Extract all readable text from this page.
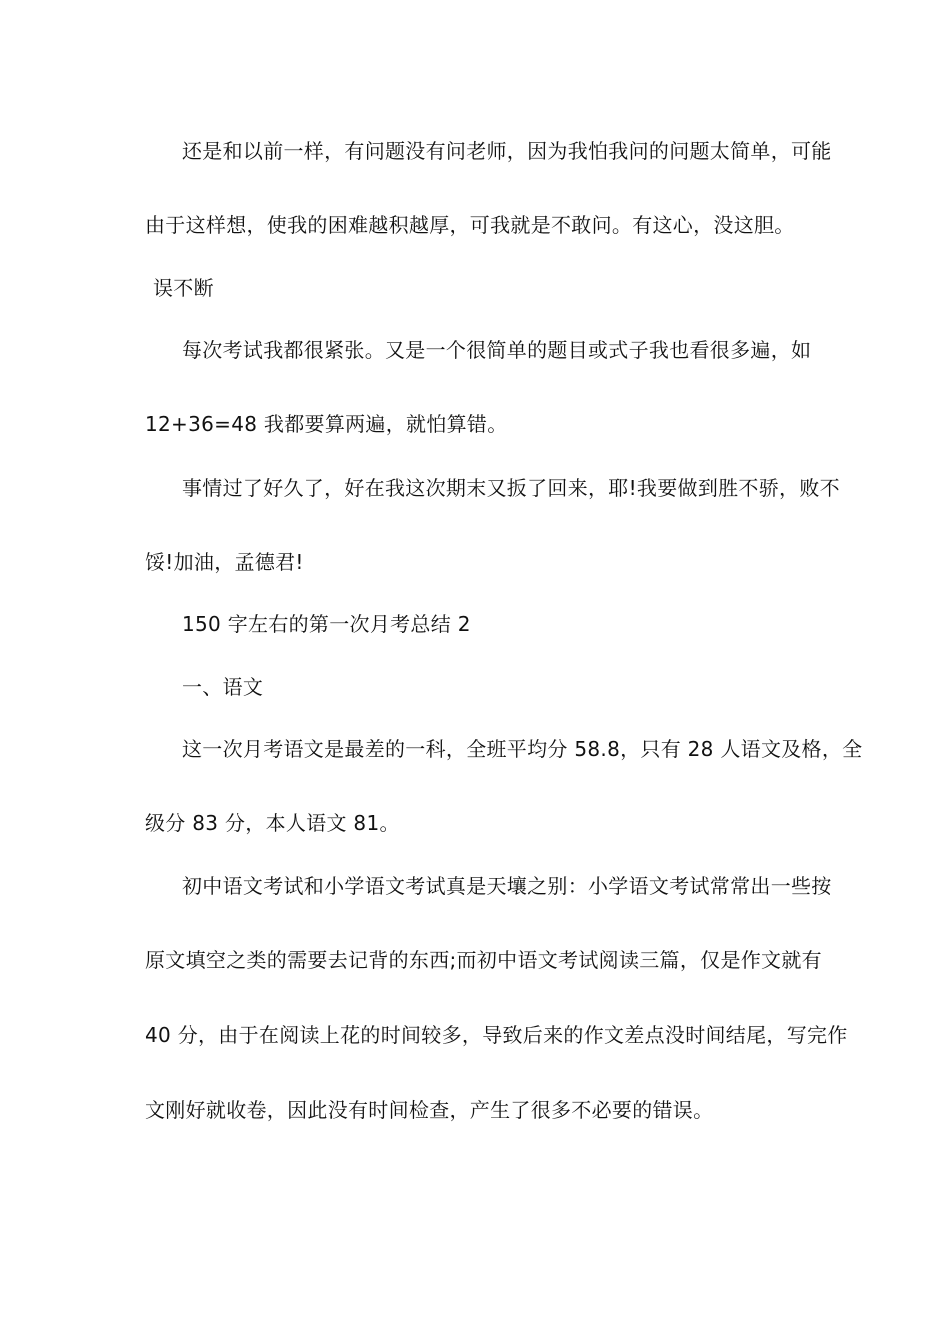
还是和以前一样，有问题没有问老师，因为我怕我问的问题太简单，可能
由于这样想，使我的困难越积越厚，可我就是不敢问。有这心，没这胆。
误不断
每次考试我都很紧张。又是一个很简单的题目或式子我也看很多遍，如
12+36=48 我都要算两遍，就怕算错。
事情过了好久了，好在我这次期末又扳了回来，耶!我要做到胜不骄，败不
馁!加油，孟德君!
150 字左右的第一次月考总结 2
一、语文
这一次月考语文是最差的一科，全班平均分 58.8，只有 28 人语文及格，全
级分 83 分，本人语文 81。
初中语文考试和小学语文考试真是天壤之别：小学语文考试常常出一些按
原文填空之类的需要去记背的东西;而初中语文考试阅读三篇，仅是作文就有
40 分，由于在阅读上花的时间较多，导致后来的作文差点没时间结尾，写完作
文刚好就收卷，因此没有时间检查，产生了很多不必要的错误。
